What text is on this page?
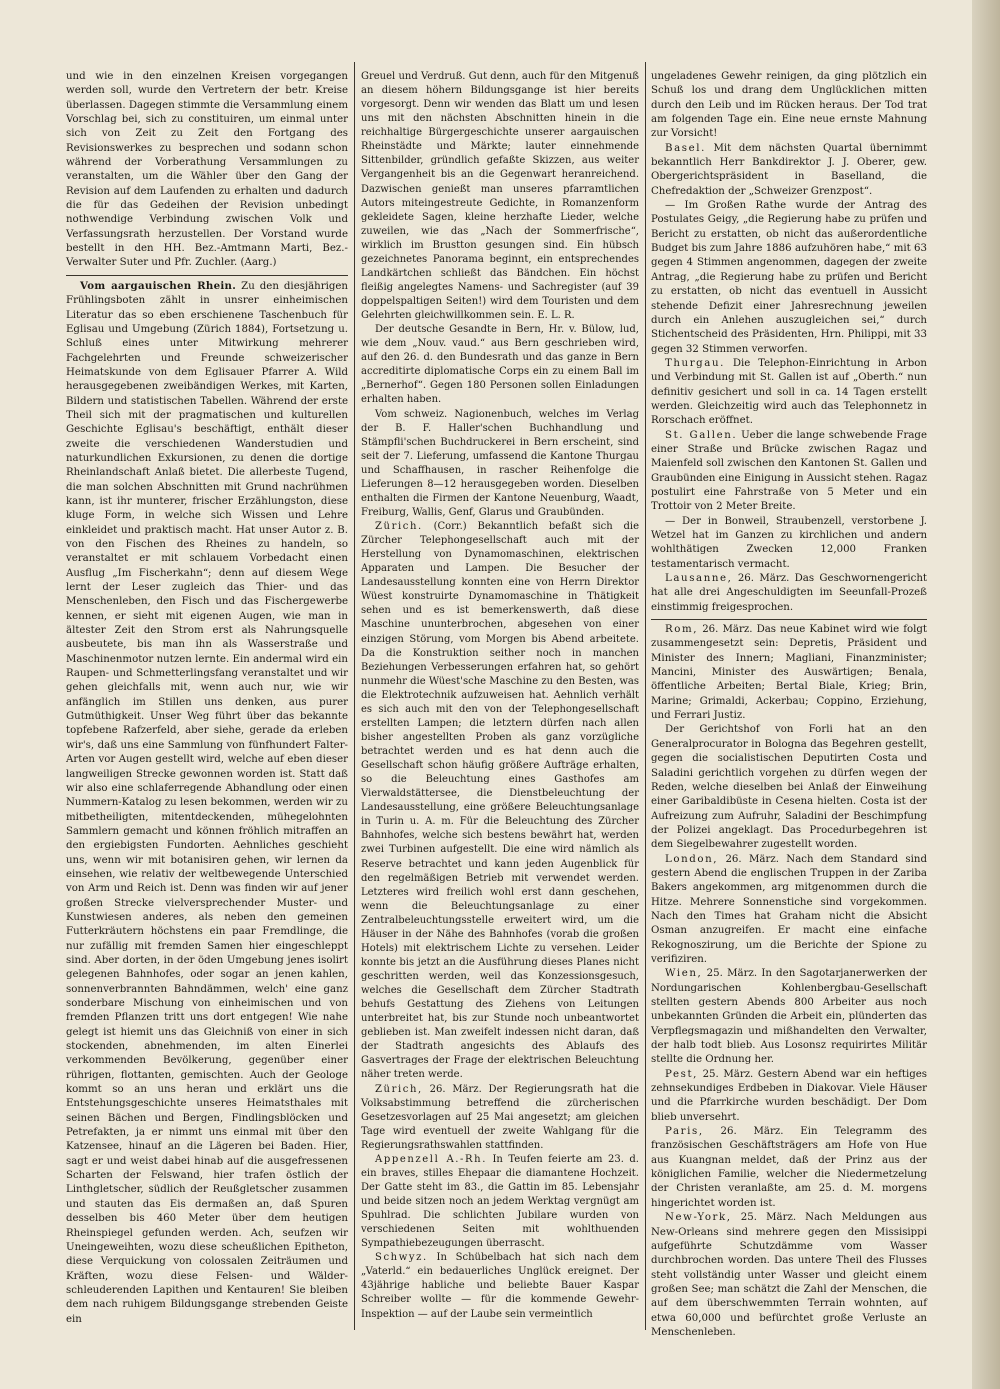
und wie in den einzelnen Kreisen vorgegangen werden soll, wurde den Vertretern der betr. Kreise überlassen. Dagegen stimmte die Versammlung einem Vorschlag bei, sich zu constituiren, um einmal unter sich von Zeit zu Zeit den Fortgang des Revisionswerkes zu besprechen und sodann schon während der Vorberathung Versammlungen zu veranstalten, um die Wähler über den Gang der Revision auf dem Laufenden zu erhalten und dadurch die für das Gedeihen der Revision unbedingt nothwendige Verbindung zwischen Volk und Verfassungsrath herzustellen. Der Vorstand wurde bestellt in den HH. Bez.-Amtmann Marti, Bez.-Verwalter Suter und Pfr. Zuchler. (Aarg.)

Vom aargauischen Rhein. Zu den diesjährigen Frühlingsboten zählt in unsrer einheimischen Literatur das so eben erschienene Taschenbuch für Eglisau und Umgebung (Zürich 1884), Fortsetzung u. Schluß eines unter Mitwirkung mehrerer Fachgelehrten und Freunde schweizerischer Heimatskunde von dem Eglisauer Pfarrer A. Wild herausgegebenen zweibändigen Werkes, mit Karten, Bildern und statistischen Tabellen. Während der erste Theil sich mit der pragmatischen und kulturellen Geschichte Eglisau's beschäftigt, enthält dieser zweite die verschiedenen Wanderstudien und naturkundlichen Exkursionen, zu denen die dortige Rheinlandschaft Anlaß bietet. Die allerbeste Tugend, die man solchen Abschnitten mit Grund nachrühmen kann, ist ihr munterer, frischer Erzählungston, diese kluge Form, in welche sich Wissen und Lehre einkleidet und praktisch macht. Hat unser Autor z. B. von den Fischen des Rheines zu handeln, so veranstaltet er mit schlauem Vorbedacht einen Ausflug „Im Fischerkahn“; denn auf diesem Wege lernt der Leser zugleich das Thier- und das Menschenleben, den Fisch und das Fischergewerbe kennen, er sieht mit eigenen Augen, wie man in ältester Zeit den Strom erst als Nahrungsquelle ausbeutete, bis man ihn als Wasserstraße und Maschinenmotor nutzen lernte. Ein andermal wird ein Raupen- und Schmetterlingsfang veranstaltet und wir gehen gleichfalls mit, wenn auch nur, wie wir anfänglich im Stillen uns denken, aus purer Gutmüthigkeit. Unser Weg führt über das bekannte topfebene Rafzerfeld, aber siehe, gerade da erleben wir's, daß uns eine Sammlung von fünfhundert Falter-Arten vor Augen gestellt wird, welche auf eben dieser langweiligen Strecke gewonnen worden ist. Statt daß wir also eine schlaferregende Abhandlung oder einen Nummern-Katalog zu lesen bekommen, werden wir zu mitbetheiligten, mitentdeckenden, mühegelohnten Sammlern gemacht und können fröhlich mitraffen an den ergiebigsten Fundorten. Aehnliches geschieht uns, wenn wir mit botanisiren gehen, wir lernen da einsehen, wie relativ der weltbewegende Unterschied von Arm und Reich ist. Denn was finden wir auf jener großen Strecke vielversprechender Muster- und Kunstwiesen anderes, als neben den gemeinen Futterkräutern höchstens ein paar Fremdlinge, die nur zufällig mit fremden Samen hier eingeschleppt sind. Aber dorten, in der öden Umgebung jenes isolirt gelegenen Bahnhofes, oder sogar an jenen kahlen, sonnenverbrannten Bahndämmen, welch' eine ganz sonderbare Mischung von einheimischen und von fremden Pflanzen tritt uns dort entgegen! Wie nahe gelegt ist hiemit uns das Gleichniß von einer in sich stockenden, abnehmenden, im alten Einerlei verkommenden Bevölkerung, gegenüber einer rührigen, flottanten, gemischten. Auch der Geologe kommt so an uns heran und erklärt uns die Entstehungsgeschichte unseres Heimatsthales mit seinen Bächen und Bergen, Findlingsblöcken und Petrefakten, ja er nimmt uns einmal mit über den Katzensee, hinauf an die Lägeren bei Baden. Hier, sagt er und weist dabei hinab auf die ausgefressenen Scharten der Felswand, hier trafen östlich der Linthgletscher, südlich der Reußgletscher zusammen und stauten das Eis dermaßen an, daß Spuren desselben bis 460 Meter über dem heutigen Rheinspiegel gefunden werden. Ach, seufzen wir Uneingeweihten, wozu diese scheußlichen Epitheton, diese Verquickung von colossalen Zeiträumen und Kräften, wozu diese Felsen- und Wälder- schleuderenden Lapithen und Kentauren! Sie bleiben dem nach ruhigem Bildungsgange strebenden Geiste ein

Greuel und Verdruß. Gut denn, auch für den Mitgenuß an diesem höhern Bildungsgange ist hier bereits vorgesorgt. Denn wir wenden das Blatt um und lesen uns mit den nächsten Abschnitten hinein in die reichhaltige Bürgergeschichte unserer aargauischen Rheinstädte und Märkte; lauter einnehmende Sittenbilder, gründlich gefaßte Skizzen, aus weiter Vergangenheit bis an die Gegenwart heranreichend. Dazwischen genießt man unseres pfarramtlichen Autors miteingestreute Gedichte, in Romanzenform gekleidete Sagen, kleine herzhafte Lieder, welche zuweilen, wie das „Nach der Sommerfrische“, wirklich im Brustton gesungen sind. Ein hübsch gezeichnetes Panorama beginnt, ein entsprechendes Landkärtchen schließt das Bändchen. Ein höchst fleißig angelegtes Namens- und Sachregister (auf 39 doppelspaltigen Seiten!) wird dem Touristen und dem Gelehrten gleichwillkommen sein. E. L. R.

Der deutsche Gesandte in Bern, Hr. v. Bülow, lud, wie dem „Nouv. vaud.“ aus Bern geschrieben wird, auf den 26. d. den Bundesrath und das ganze in Bern accreditirte diplomatische Corps ein zu einem Ball im „Bernerhof“. Gegen 180 Personen sollen Einladungen erhalten haben.

Vom schweiz. Nagionenbuch, welches im Verlag der B. F. Haller'schen Buchhandlung und Stämpfli'schen Buchdruckerei in Bern erscheint, sind seit der 7. Lieferung, umfassend die Kantone Thurgau und Schaffhausen, in rascher Reihenfolge die Lieferungen 8—12 herausgegeben worden. Dieselben enthalten die Firmen der Kantone Neuenburg, Waadt, Freiburg, Wallis, Genf, Glarus und Graubünden.

Zürich. (Corr.) Bekanntlich befaßt sich die Zürcher Telephongesellschaft auch mit der Herstellung von Dynamomaschinen, elektrischen Apparaten und Lampen. Die Besucher der Landesausstellung konnten eine von Herrn Direktor Wüest konstruirte Dynamomaschine in Thätigkeit sehen und es ist bemerkenswerth, daß diese Maschine ununterbrochen, abgesehen von einer einzigen Störung, vom Morgen bis Abend arbeitete. Da die Konstruktion seither noch in manchen Beziehungen Verbesserungen erfahren hat, so gehört nunmehr die Wüest'sche Maschine zu den Besten, was die Elektrotechnik aufzuweisen hat. Aehnlich verhält es sich auch mit den von der Telephongesellschaft erstellten Lampen; die letztern dürfen nach allen bisher angestellten Proben als ganz vorzügliche betrachtet werden und es hat denn auch die Gesellschaft schon häufig größere Aufträge erhalten, so die Beleuchtung eines Gasthofes am Vierwaldstättersee, die Dienstbeleuchtung der Landesausstellung, eine größere Beleuchtungsanlage in Turin u. A. m. Für die Beleuchtung des Zürcher Bahnhofes, welche sich bestens bewährt hat, werden zwei Turbinen aufgestellt. Die eine wird nämlich als Reserve betrachtet und kann jeden Augenblick für den regelmäßigen Betrieb mit verwendet werden. Letzteres wird freilich wohl erst dann geschehen, wenn die Beleuchtungsanlage zu einer Zentralbeleuchtungsstelle erweitert wird, um die Häuser in der Nähe des Bahnhofes (vorab die großen Hotels) mit elektrischem Lichte zu versehen. Leider konnte bis jetzt an die Ausführung dieses Planes nicht geschritten werden, weil das Konzessionsgesuch, welches die Gesellschaft dem Zürcher Stadtrath behufs Gestattung des Ziehens von Leitungen unterbreitet hat, bis zur Stunde noch unbeantwortet geblieben ist. Man zweifelt indessen nicht daran, daß der Stadtrath angesichts des Ablaufs des Gasvertrages der Frage der elektrischen Beleuchtung näher treten werde.

Zürich, 26. März. Der Regierungsrath hat die Volksabstimmung betreffend die zürcherischen Gesetzesvorlagen auf 25 Mai angesetzt; am gleichen Tage wird eventuell der zweite Wahlgang für die Regierungsrathswahlen stattfinden.

Appenzell A.-Rh. In Teufen feierte am 23. d. ein braves, stilles Ehepaar die diamantene Hochzeit. Der Gatte steht im 83., die Gattin im 85. Lebensjahr und beide sitzen noch an jedem Werktag vergnügt am Spuhlrad. Die schlichten Jubilare wurden von verschiedenen Seiten mit wohlthuenden Sympathiebezeugungen überrascht.

Schwyz. In Schübelbach hat sich nach dem „Vaterld.“ ein bedauerliches Unglück ereignet. Der 43jährige habliche und beliebte Bauer Kaspar Schreiber wollte — für die kommende Gewehr-Inspektion — auf der Laube sein vermeintlich

ungeladenes Gewehr reinigen, da ging plötzlich ein Schuß los und drang dem Unglücklichen mitten durch den Leib und im Rücken heraus. Der Tod trat am folgenden Tage ein. Eine neue ernste Mahnung zur Vorsicht!

Basel. Mit dem nächsten Quartal übernimmt bekanntlich Herr Bankdirektor J. J. Oberer, gew. Obergerichtspräsident in Baselland, die Chefredaktion der „Schweizer Grenzpost“.

— Im Großen Rathe wurde der Antrag des Postulates Geigy, „die Regierung habe zu prüfen und Bericht zu erstatten, ob nicht das außerordentliche Budget bis zum Jahre 1886 aufzuhören habe,“ mit 63 gegen 4 Stimmen angenommen, dagegen der zweite Antrag, „die Regierung habe zu prüfen und Bericht zu erstatten, ob nicht das eventuell in Aussicht stehende Defizit einer Jahresrechnung jeweilen durch ein Anlehen auszugleichen sei,“ durch Stichentscheid des Präsidenten, Hrn. Philippi, mit 33 gegen 32 Stimmen verworfen.

Thurgau. Die Telephon-Einrichtung in Arbon und Verbindung mit St. Gallen ist auf „Oberth.“ nun definitiv gesichert und soll in ca. 14 Tagen erstellt werden. Gleichzeitig wird auch das Telephonnetz in Rorschach eröffnet.

St. Gallen. Ueber die lange schwebende Frage einer Straße und Brücke zwischen Ragaz und Maienfeld soll zwischen den Kantonen St. Gallen und Graubünden eine Einigung in Aussicht stehen. Ragaz postulirt eine Fahrstraße von 5 Meter und ein Trottoir von 2 Meter Breite.

— Der in Bonweil, Straubenzell, verstorbene J. Wetzel hat im Ganzen zu kirchlichen und andern wohlthätigen Zwecken 12,000 Franken testamentarisch vermacht.

Lausanne, 26. März. Das Geschwornengericht hat alle drei Angeschuldigten im Seeunfall-Prozeß einstimmig freigesprochen.

Rom, 26. März. Das neue Kabinet wird wie folgt zusammengesetzt sein: Depretis, Präsident und Minister des Innern; Magliani, Finanzminister; Mancini, Minister des Auswärtigen; Benala, öffentliche Arbeiten; Bertal Biale, Krieg; Brin, Marine; Grimaldi, Ackerbau; Coppino, Erziehung, und Ferrari Justiz.

Der Gerichtshof von Forli hat an den Generalprocurator in Bologna das Begehren gestellt, gegen die socialistischen Deputirten Costa und Saladini gerichtlich vorgehen zu dürfen wegen der Reden, welche dieselben bei Anlaß der Einweihung einer Garibaldibüste in Cesena hielten. Costa ist der Aufreizung zum Aufruhr, Saladini der Beschimpfung der Polizei angeklagt. Das Procedurbegehren ist dem Siegelbewahrer zugestellt worden.

London, 26. März. Nach dem Standard sind gestern Abend die englischen Truppen in der Zariba Bakers angekommen, arg mitgenommen durch die Hitze. Mehrere Sonnenstiche sind vorgekommen. Nach den Times hat Graham nicht die Absicht Osman anzugreifen. Er macht eine einfache Rekognoszirung, um die Berichte der Spione zu verifiziren.

Wien, 25. März. In den Sagotarjanerwerken der Nordungarischen Kohlenbergbau-Gesellschaft stellten gestern Abends 800 Arbeiter aus noch unbekannten Gründen die Arbeit ein, plünderten das Verpflegsmagazin und mißhandelten den Verwalter, der halb todt blieb. Aus Losonsz requirirtes Militär stellte die Ordnung her.

Pest, 25. März. Gestern Abend war ein heftiges zehnsekundiges Erdbeben in Diakovar. Viele Häuser und die Pfarrkirche wurden beschädigt. Der Dom blieb unversehrt.

Paris, 26. März. Ein Telegramm des französischen Geschäftsträgers am Hofe von Hue aus Kuangnan meldet, daß der Prinz aus der königlichen Familie, welcher die Niedermetzelung der Christen veranlaßte, am 25. d. M. morgens hingerichtet worden ist.

New-York, 25. März. Nach Meldungen aus New-Orleans sind mehrere gegen den Missisippi aufgeführte Schutzdämme vom Wasser durchbrochen worden. Das untere Theil des Flusses steht vollständig unter Wasser und gleicht einem großen See; man schätzt die Zahl der Menschen, die auf dem überschwemmten Terrain wohnten, auf etwa 60,000 und befürchtet große Verluste an Menschenleben.
